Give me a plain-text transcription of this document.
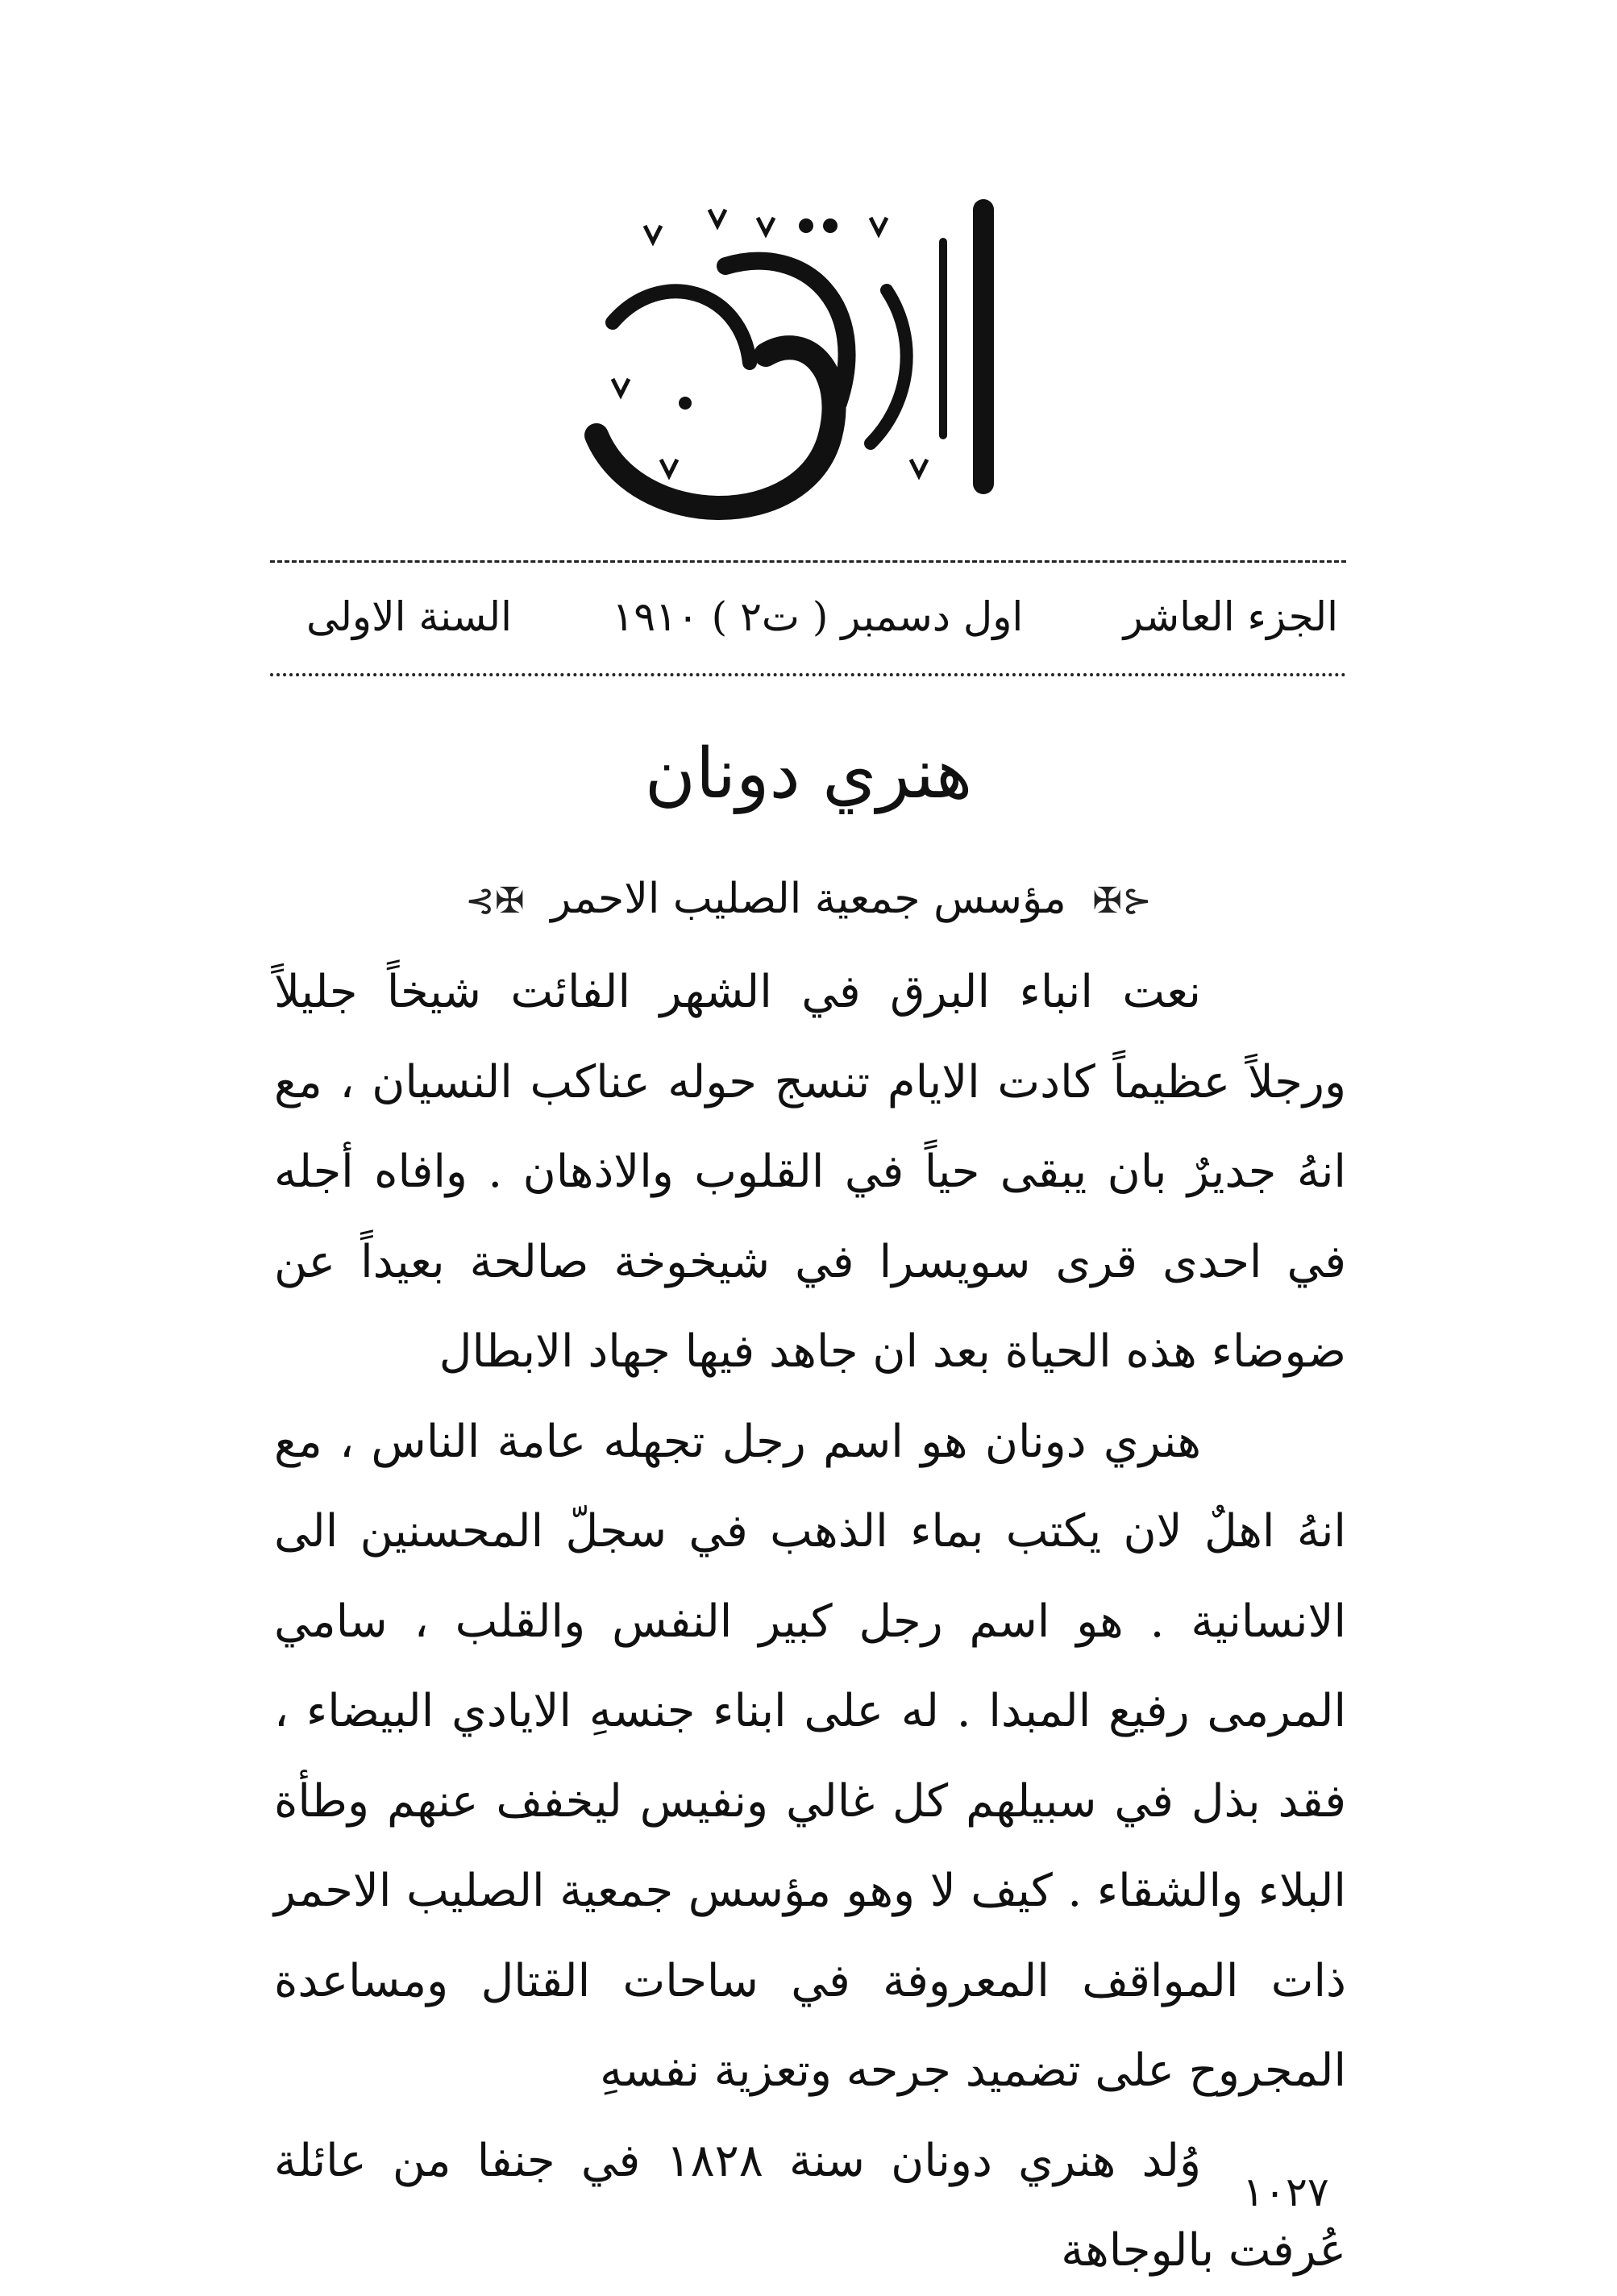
الجزء العاشر
اول دسمبر ( ت٢ ) ١٩١٠
السنة الاولى
هنري دونان
⊰✠ مؤسس جمعية الصليب الاحمر ✠⊱

نعت انباء البرق في الشهر الفائت شيخاً جليلاً ورجلاً عظيماً كادت الايام تنسج حوله عناكب النسيان ، مع انهُ جديرٌ بان يبقى حياً في القلوب والاذهان . وافاه أجله في احدى قرى سويسرا في شيخوخة صالحة بعيداً عن ضوضاء هذه الحياة بعد ان جاهد فيها جهاد الابطال

هنري دونان هو اسم رجل تجهله عامة الناس ، مع انهُ اهلٌ لان يكتب بماء الذهب في سجلّ المحسنين الى الانسانية . هو اسم رجل كبير النفس والقلب ، سامي المرمى رفيع المبدا . له على ابناء جنسهِ الايادي البيضاء ، فقد بذل في سبيلهم كل غالي ونفيس ليخفف عنهم وطأة البلاء والشقاء . كيف لا وهو مؤسس جمعية الصليب الاحمر ذات المواقف المعروفة في ساحات القتال ومساعدة المجروح على تضميد جرحه وتعزية نفسهِ

وُلد هنري دونان سنة ١٨٢٨ في جنفا من عائلة عُرفت بالوجاهة

١٠٢٧
